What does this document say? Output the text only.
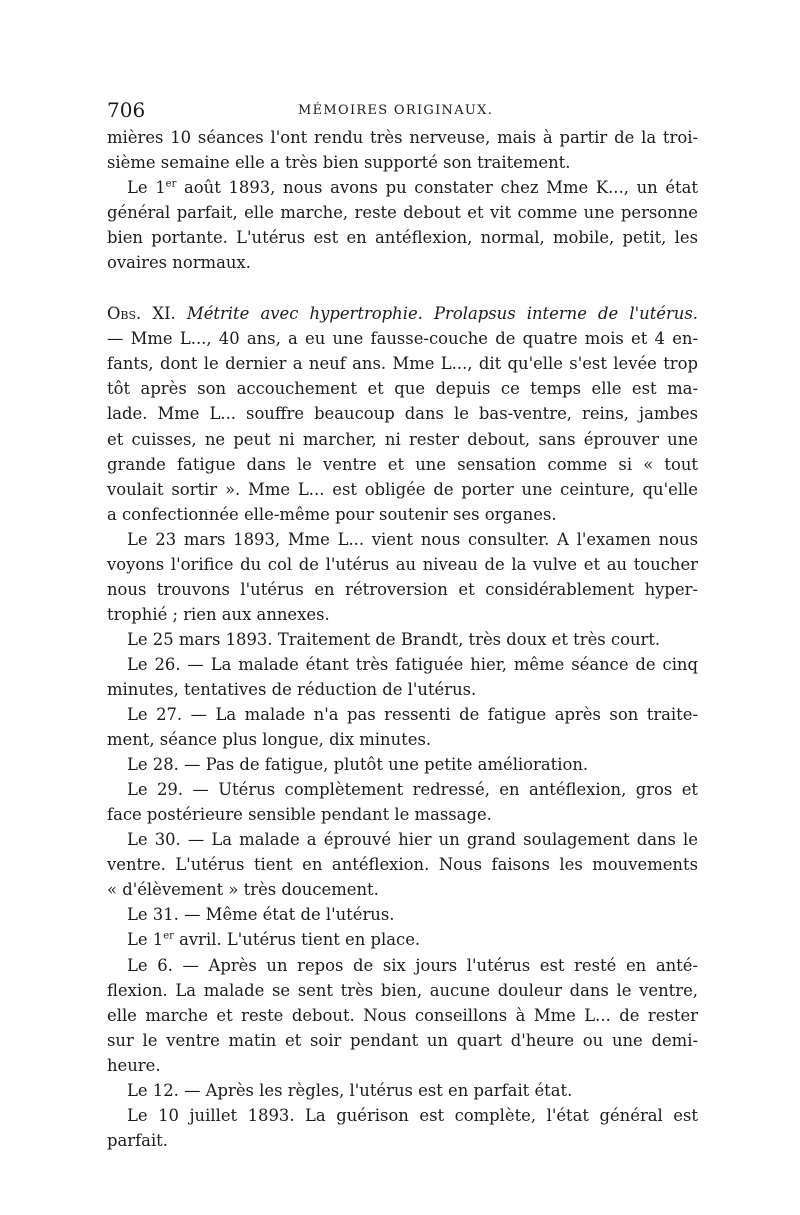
706	MÉMOIRES ORIGINAUX.

mières 10 séances l'ont rendu très nerveuse, mais à partir de la troi-
sième semaine elle a très bien supporté son traitement.
Le 1er août 1893, nous avons pu constater chez Mme K..., un état
général parfait, elle marche, reste debout et vit comme une personne
bien portante. L'utérus est en antéflexion, normal, mobile, petit, les
ovaires normaux.
Obs. XI. Métrite avec hypertrophie. Prolapsus interne de l'utérus.
— Mme L..., 40 ans, a eu une fausse-couche de quatre mois et 4 en-
fants, dont le dernier a neuf ans. Mme L..., dit qu'elle s'est levée trop
tôt après son accouchement et que depuis ce temps elle est ma-
lade. Mme L... souffre beaucoup dans le bas-ventre, reins, jambes
et cuisses, ne peut ni marcher, ni rester debout, sans éprouver une
grande fatigue dans le ventre et une sensation comme si « tout
voulait sortir ». Mme L... est obligée de porter une ceinture, qu'elle
a confectionnée elle-même pour soutenir ses organes.
Le 23 mars 1893, Mme L... vient nous consulter. A l'examen nous
voyons l'orifice du col de l'utérus au niveau de la vulve et au toucher
nous trouvons l'utérus en rétroversion et considérablement hyper-
trophié ; rien aux annexes.
Le 25 mars 1893. Traitement de Brandt, très doux et très court.
Le 26. — La malade étant très fatiguée hier, même séance de cinq
minutes, tentatives de réduction de l'utérus.
Le 27. — La malade n'a pas ressenti de fatigue après son traite-
ment, séance plus longue, dix minutes.
Le 28. — Pas de fatigue, plutôt une petite amélioration.
Le 29. — Utérus complètement redressé, en antéflexion, gros et
face postérieure sensible pendant le massage.
Le 30. — La malade a éprouvé hier un grand soulagement dans le
ventre. L'utérus tient en antéflexion. Nous faisons les mouvements
« d'élèvement » très doucement.
Le 31. — Même état de l'utérus.
Le 1er avril. L'utérus tient en place.
Le 6. — Après un repos de six jours l'utérus est resté en anté-
flexion. La malade se sent très bien, aucune douleur dans le ventre,
elle marche et reste debout. Nous conseillons à Mme L... de rester
sur le ventre matin et soir pendant un quart d'heure ou une demi-
heure.
Le 12. — Après les règles, l'utérus est en parfait état.
Le 10 juillet 1893. La guérison est complète, l'état général est
parfait.
